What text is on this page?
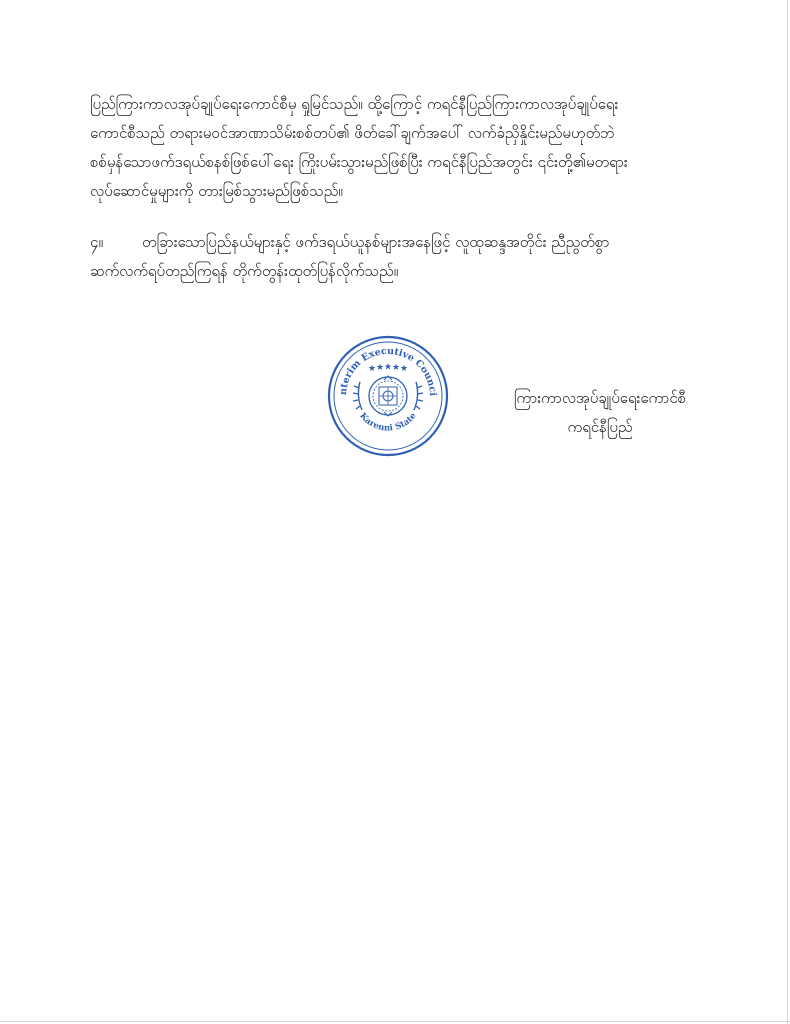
ပြည်ကြားကာလအုပ်ချုပ်ရေးကောင်စီမှ ရှုမြင်သည်။ ထို့ကြောင့် ကရင်နီပြည်ကြားကာလအုပ်ချုပ်ရေး
ကောင်စီသည် တရားမဝင်အာဏာသိမ်းစစ်တပ်၏ ဖိတ်ခေါ်ချက်အပေါ် လက်ခံညှိနှိုင်းမည်မဟုတ်ဘဲ
စစ်မှန်သောဖက်ဒရယ်စနစ်ဖြစ်ပေါ်ရေး ကြိုးပမ်းသွားမည်ဖြစ်ပြီး ကရင်နီပြည်အတွင်း ၎င်းတို့၏မတရား
လုပ်ဆောင်မှုများကို တားမြစ်သွားမည်ဖြစ်သည်။
၄။	တခြားသောပြည်နယ်များနှင့် ဖက်ဒရယ်ယူနစ်များအနေဖြင့် လူထုဆန္ဒအတိုင်း ညီညွတ်စွာ
ဆက်လက်ရပ်တည်ကြရန် တိုက်တွန်းထုတ်ပြန်လိုက်သည်။
nterim Executive Counci
Karenni State
★ ★ ★ ★ ★
ကြားကာလအုပ်ချုပ်ရေးကောင်စီ
ကရင်နီပြည်
